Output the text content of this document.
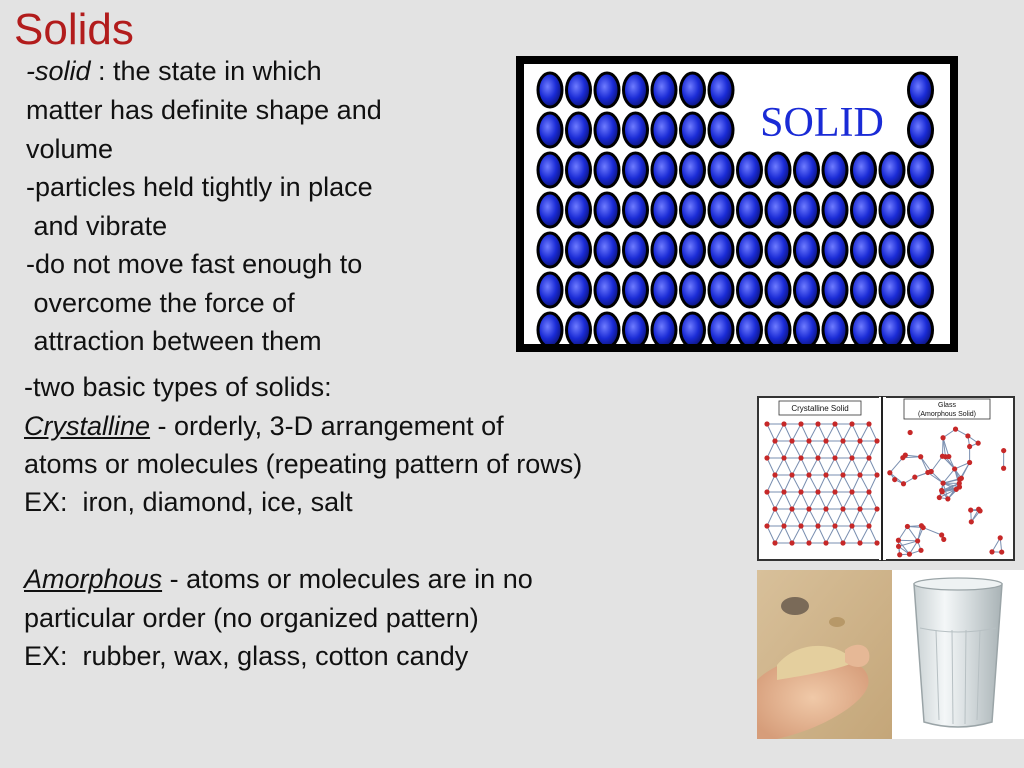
Solids
-solid : the state in which
matter has definite shape and
volume
-particles held tightly in place
and vibrate
-do not move fast enough to
overcome the force of
attraction between them
-two basic types of solids:
Crystalline - orderly, 3-D arrangement of
atoms or molecules (repeating pattern of rows)
EX:  iron, diamond, ice, salt
Amorphous - atoms or molecules are in no
particular order (no organized pattern)
EX:  rubber, wax, glass, cotton candy
SOLID
Crystalline Solid	Glass
(Amorphous Solid)
